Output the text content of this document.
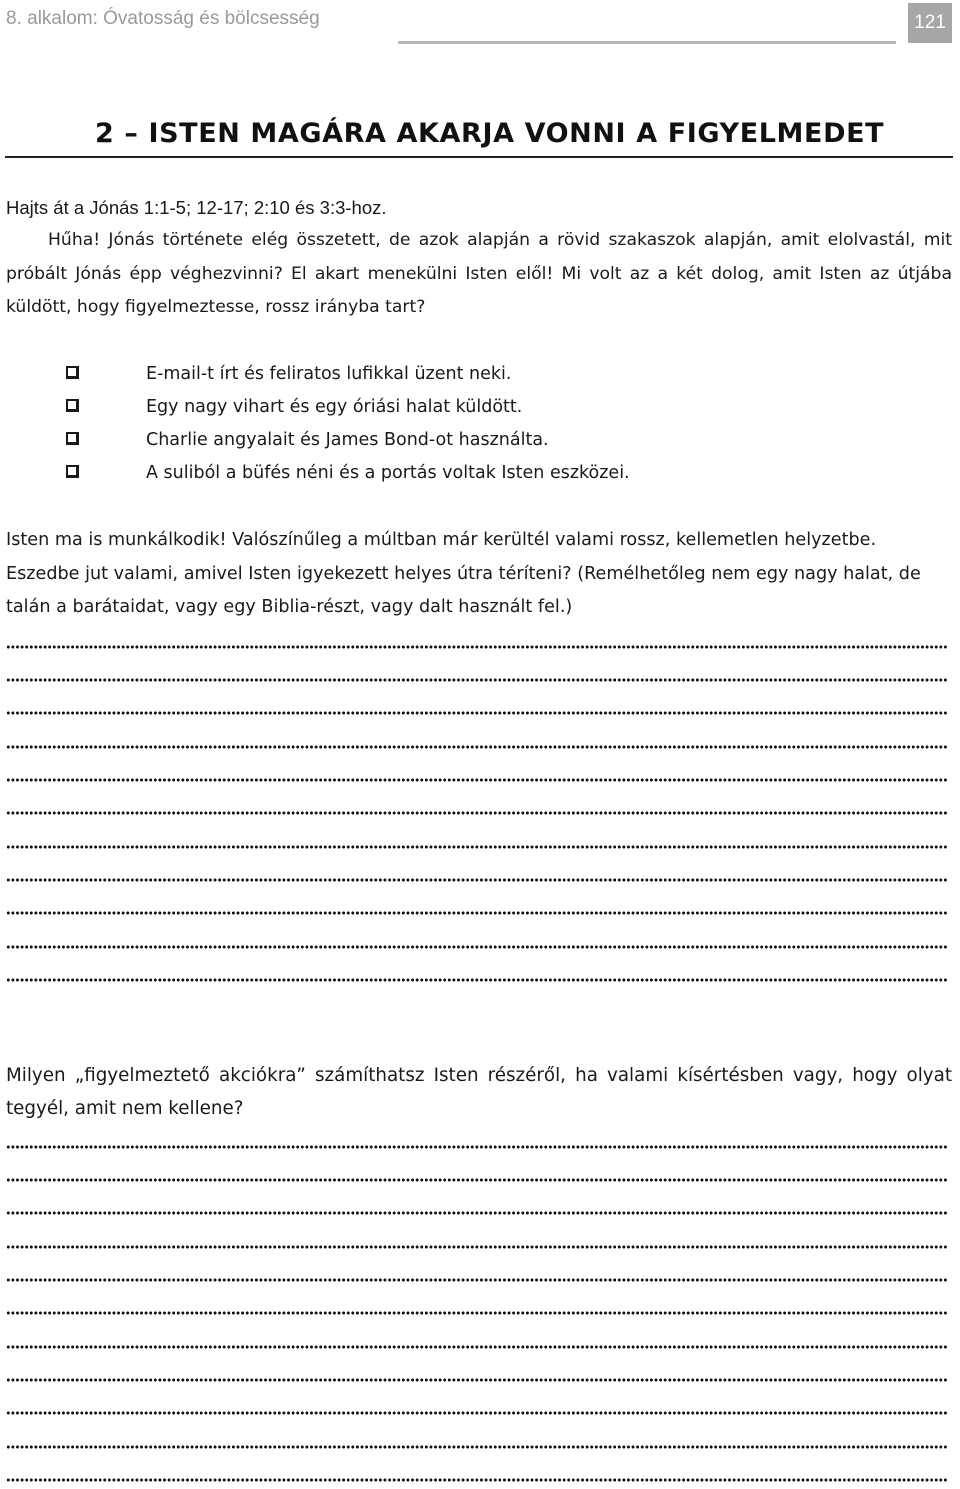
8. alkalom: Óvatosság és bölcsesség	121
2 – ISTEN MAGÁRA AKARJA VONNI A FIGYELMEDET
Hajts át a Jónás 1:1-5; 12-17; 2:10 és 3:3-hoz.
Hűha! Jónás története elég összetett, de azok alapján a rövid szakaszok alapján, amit elolvastál, mit próbált Jónás épp véghezvinni? El akart menekülni Isten elől! Mi volt az a két dolog, amit Isten az útjába küldött, hogy figyelmeztesse, rossz irányba tart?
E-mail-t írt és feliratos lufikkal üzent neki.
Egy nagy vihart és egy óriási halat küldött.
Charlie angyalait és James Bond-ot használta.
A suliból a büfés néni és a portás voltak Isten eszközei.
Isten ma is munkálkodik! Valószínűleg a múltban már kerültél valami rossz, kellemetlen helyzetbe. Eszedbe jut valami, amivel Isten igyekezett helyes útra téríteni? (Remélhetőleg nem egy nagy halat, de talán a barátaidat, vagy egy Biblia-részt, vagy dalt használt fel.)
Milyen „figyelmeztető akciókra” számíthatsz Isten részéről, ha valami kísértésben vagy, hogy olyat tegyél, amit nem kellene?
